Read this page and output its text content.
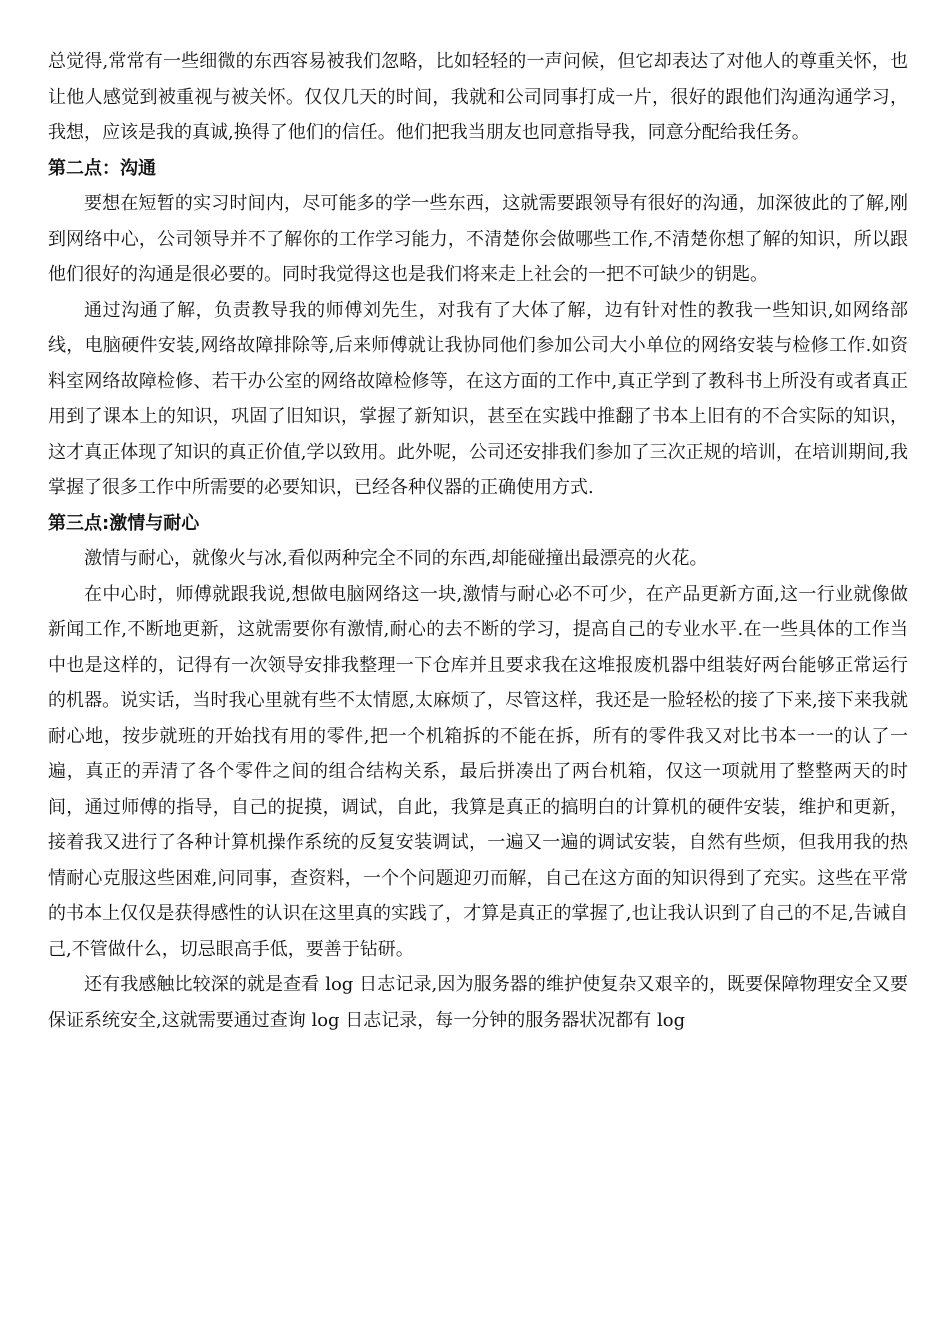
总觉得,常常有一些细微的东西容易被我们忽略，比如轻轻的一声问候，但它却表达了对他人的尊重关怀，也让他人感觉到被重视与被关怀。仅仅几天的时间，我就和公司同事打成一片，很好的跟他们沟通沟通学习，我想，应该是我的真诚,换得了他们的信任。他们把我当朋友也同意指导我，同意分配给我任务。

第二点：沟通

要想在短暂的实习时间内，尽可能多的学一些东西，这就需要跟领导有很好的沟通，加深彼此的了解,刚到网络中心，公司领导并不了解你的工作学习能力，不清楚你会做哪些工作,不清楚你想了解的知识，所以跟他们很好的沟通是很必要的。同时我觉得这也是我们将来走上社会的一把不可缺少的钥匙。

通过沟通了解，负责教导我的师傅刘先生，对我有了大体了解，边有针对性的教我一些知识,如网络部线，电脑硬件安装,网络故障排除等,后来师傅就让我协同他们参加公司大小单位的网络安装与检修工作.如资料室网络故障检修、若干办公室的网络故障检修等，在这方面的工作中,真正学到了教科书上所没有或者真正用到了课本上的知识，巩固了旧知识，掌握了新知识，甚至在实践中推翻了书本上旧有的不合实际的知识，这才真正体现了知识的真正价值,学以致用。此外呢，公司还安排我们参加了三次正规的培训，在培训期间,我掌握了很多工作中所需要的必要知识，已经各种仪器的正确使用方式.

第三点:激情与耐心

激情与耐心，就像火与冰,看似两种完全不同的东西,却能碰撞出最漂亮的火花。

在中心时，师傅就跟我说,想做电脑网络这一块,激情与耐心必不可少，在产品更新方面,这一行业就像做新闻工作,不断地更新，这就需要你有激情,耐心的去不断的学习，提高自己的专业水平.在一些具体的工作当中也是这样的，记得有一次领导安排我整理一下仓库并且要求我在这堆报废机器中组装好两台能够正常运行的机器。说实话，当时我心里就有些不太情愿,太麻烦了，尽管这样，我还是一脸轻松的接了下来,接下来我就耐心地，按步就班的开始找有用的零件,把一个机箱拆的不能在拆，所有的零件我又对比书本一一的认了一遍，真正的弄清了各个零件之间的组合结构关系，最后拼凑出了两台机箱，仅这一项就用了整整两天的时间，通过师傅的指导，自己的捉摸，调试，自此，我算是真正的搞明白的计算机的硬件安装，维护和更新，接着我又进行了各种计算机操作系统的反复安装调试，一遍又一遍的调试安装，自然有些烦，但我用我的热情耐心克服这些困难,问同事，查资料，一个个问题迎刃而解，自己在这方面的知识得到了充实。这些在平常的书本上仅仅是获得感性的认识在这里真的实践了，才算是真正的掌握了,也让我认识到了自己的不足,告诫自己,不管做什么，切忌眼高手低，要善于钻研。

还有我感触比较深的就是查看 log 日志记录,因为服务器的维护使复杂又艰辛的，既要保障物理安全又要保证系统安全,这就需要通过查询 log 日志记录，每一分钟的服务器状况都有 log
